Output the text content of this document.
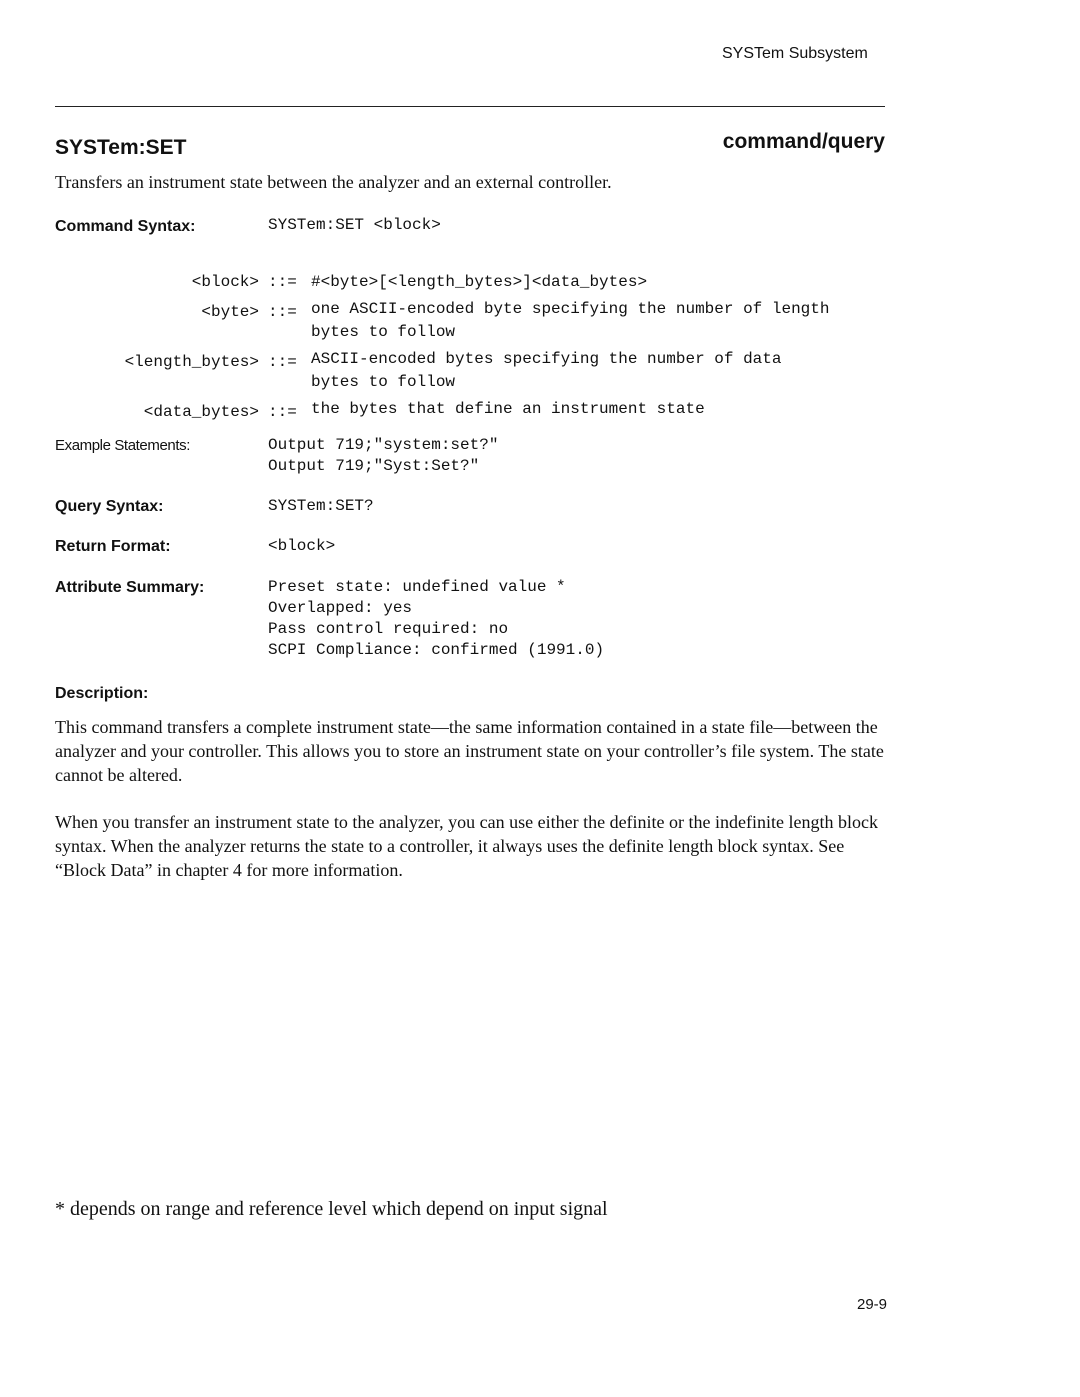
SYSTem Subsystem
SYSTem:SET	command/query
Transfers an instrument state between the analyzer and an external controller.
Command Syntax:	SYSTem:SET <block>
<block> ::= #<byte>[<length_bytes>]<data_bytes>
<byte> ::= one ASCII-encoded byte specifying the number of length
bytes to follow
<length_bytes> ::= ASCII-encoded bytes specifying the number of data
bytes to follow
<data_bytes> ::= the bytes that define an instrument state
Example Statements:	Output 719;"system:set?"
Output 719;"Syst:Set?"
Query Syntax:	SYSTem:SET?
Return Format:	<block>
Attribute Summary:	Preset state: undefined value *
Overlapped: yes
Pass control required: no
SCPI Compliance: confirmed (1991.0)
Description:
This command transfers a complete instrument state—the same information contained in a state file—between the analyzer and your controller. This allows you to store an instrument state on your controller’s file system. The state cannot be altered.
When you transfer an instrument state to the analyzer, you can use either the definite or the indefinite length block syntax. When the analyzer returns the state to a controller, it always uses the definite length block syntax. See “Block Data” in chapter 4 for more information.
* depends on range and reference level which depend on input signal
29-9
